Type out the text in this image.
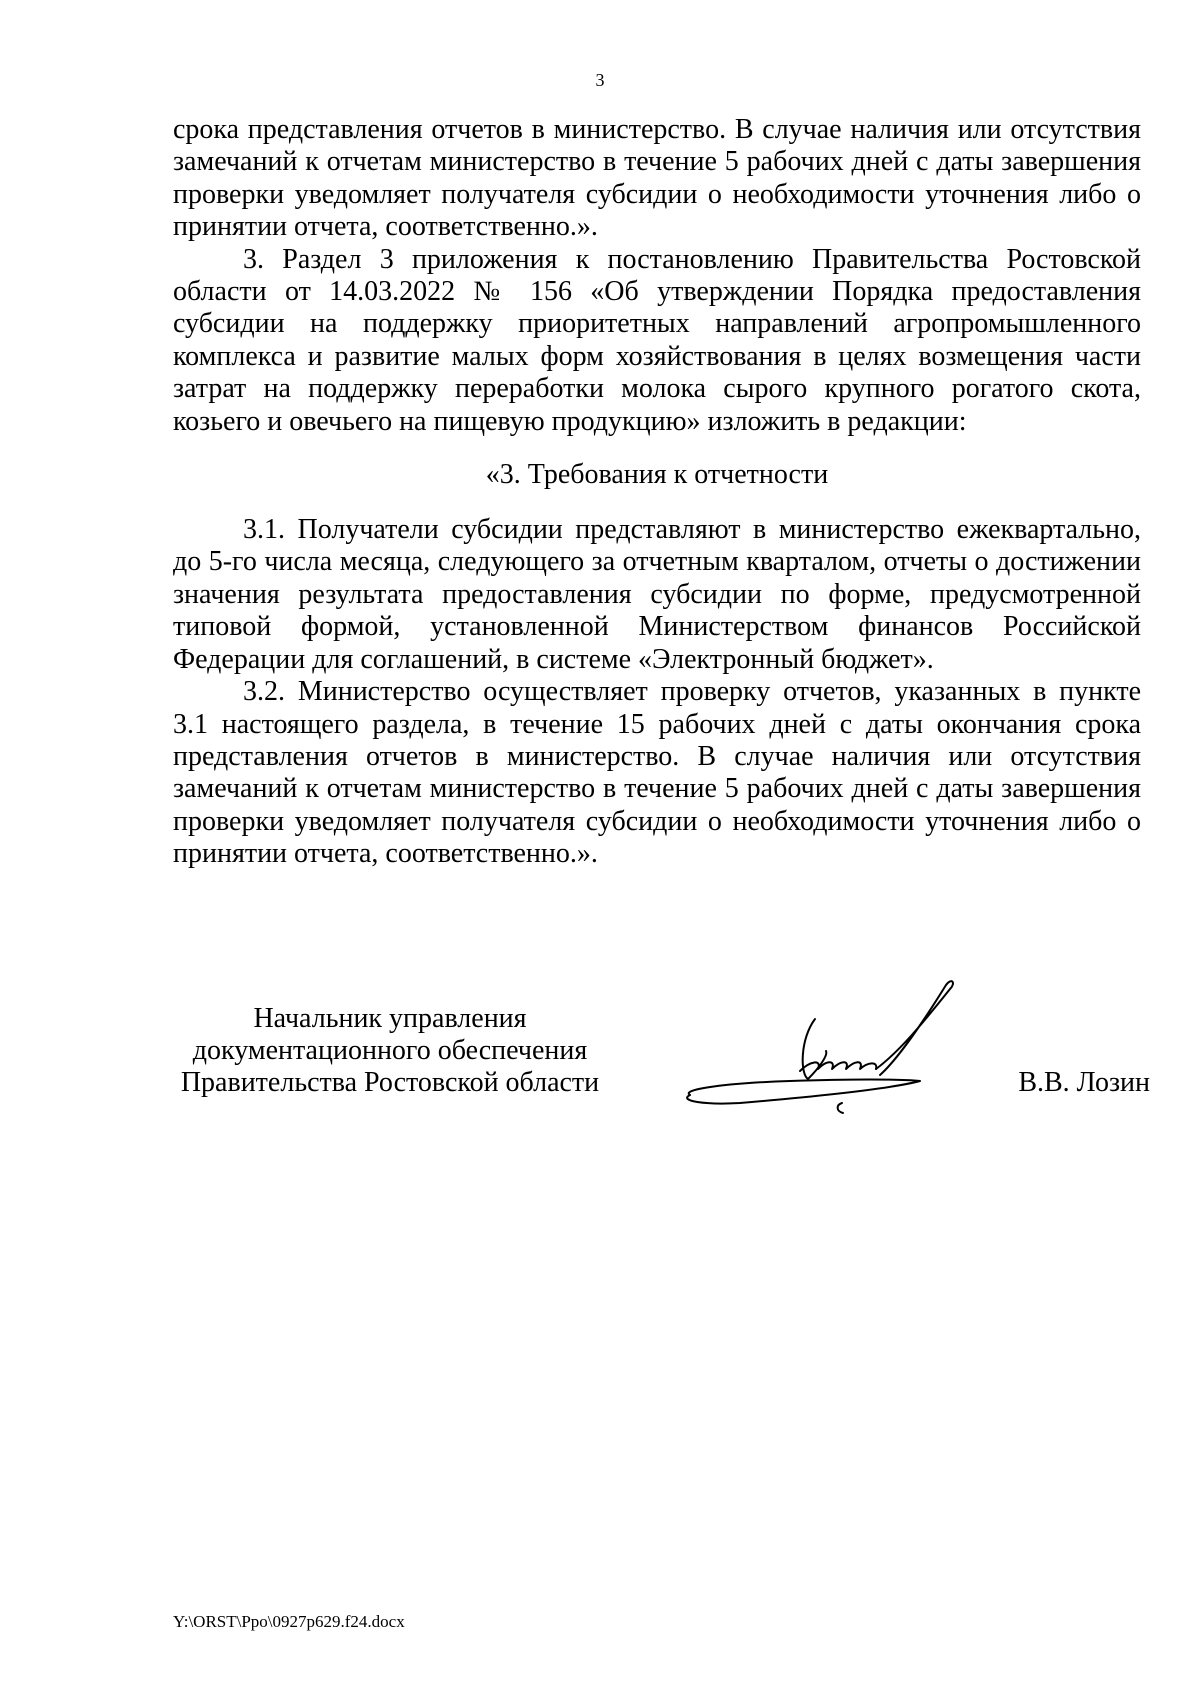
3

срока представления отчетов в министерство. В случае наличия или отсутствия замечаний к отчетам министерство в течение 5 рабочих дней с даты завершения проверки уведомляет получателя субсидии о необходимости уточнения либо о принятии отчета, соответственно.».

3. Раздел 3 приложения к постановлению Правительства Ростовской области от 14.03.2022 № 156 «Об утверждении Порядка предоставления субсидии на поддержку приоритетных направлений агропромышленного комплекса и развитие малых форм хозяйствования в целях возмещения части затрат на поддержку переработки молока сырого крупного рогатого скота, козьего и овечьего на пищевую продукцию» изложить в редакции:

«3. Требования к отчетности

3.1. Получатели субсидии представляют в министерство ежеквартально, до 5-го числа месяца, следующего за отчетным кварталом, отчеты о достижении значения результата предоставления субсидии по форме, предусмотренной типовой формой, установленной Министерством финансов Российской Федерации для соглашений, в системе «Электронный бюджет».

3.2. Министерство осуществляет проверку отчетов, указанных в пункте 3.1 настоящего раздела, в течение 15 рабочих дней с даты окончания срока представления отчетов в министерство. В случае наличия или отсутствия замечаний к отчетам министерство в течение 5 рабочих дней с даты завершения проверки уведомляет получателя субсидии о необходимости уточнения либо о принятии отчета, соответственно.».

Начальник управления
документационного обеспечения
Правительства Ростовской области	В.В. Лозин
Y:\ORST\Ppo\0927p629.f24.docx
